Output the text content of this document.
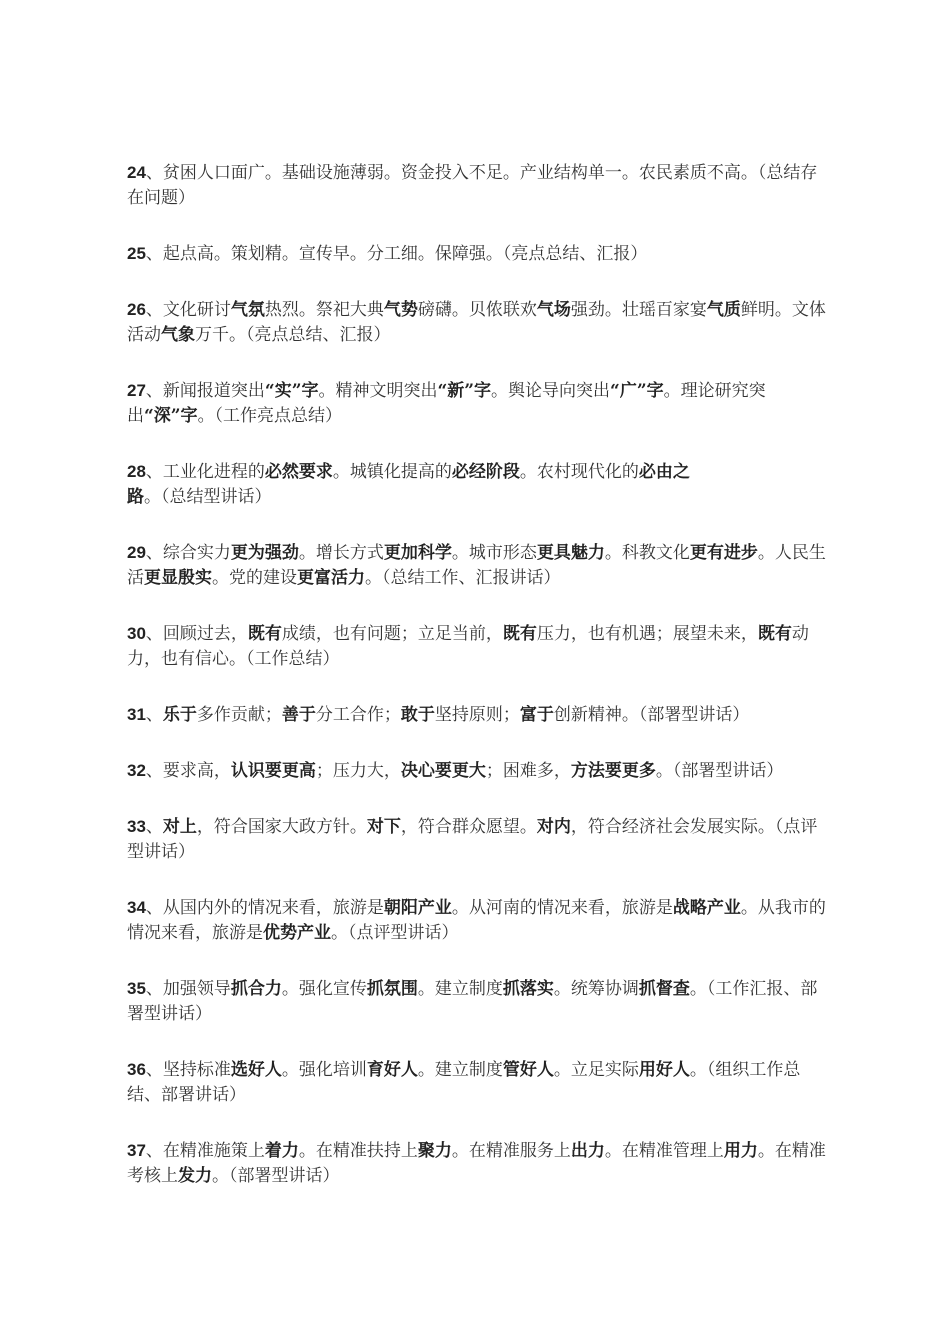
24、贫困人口面广。基础设施薄弱。资金投入不足。产业结构单一。农民素质不高。（总结存在问题）

25、起点高。策划精。宣传早。分工细。保障强。（亮点总结、汇报）

26、文化研讨气氛热烈。祭祀大典气势磅礴。贝侬联欢气场强劲。壮瑶百家宴气质鲜明。文体活动气象万千。（亮点总结、汇报）

27、新闻报道突出“实”字。精神文明突出“新”字。舆论导向突出“广”字。理论研究突出“深”字。（工作亮点总结）

28、工业化进程的必然要求。城镇化提高的必经阶段。农村现代化的必由之路。（总结型讲话）

29、综合实力更为强劲。增长方式更加科学。城市形态更具魅力。科教文化更有进步。人民生活更显殷实。党的建设更富活力。（总结工作、汇报讲话）

30、回顾过去，既有成绩，也有问题；立足当前，既有压力，也有机遇；展望未来，既有动力，也有信心。（工作总结）

31、乐于多作贡献；善于分工合作；敢于坚持原则；富于创新精神。（部署型讲话）

32、要求高，认识要更高；压力大，决心要更大；困难多，方法要更多。（部署型讲话）

33、对上，符合国家大政方针。对下，符合群众愿望。对内，符合经济社会发展实际。（点评型讲话）

34、从国内外的情况来看，旅游是朝阳产业。从河南的情况来看，旅游是战略产业。从我市的情况来看，旅游是优势产业。（点评型讲话）

35、加强领导抓合力。强化宣传抓氛围。建立制度抓落实。统筹协调抓督查。（工作汇报、部署型讲话）

36、坚持标准选好人。强化培训育好人。建立制度管好人。立足实际用好人。（组织工作总结、部署讲话）

37、在精准施策上着力。在精准扶持上聚力。在精准服务上出力。在精准管理上用力。在精准考核上发力。（部署型讲话）
